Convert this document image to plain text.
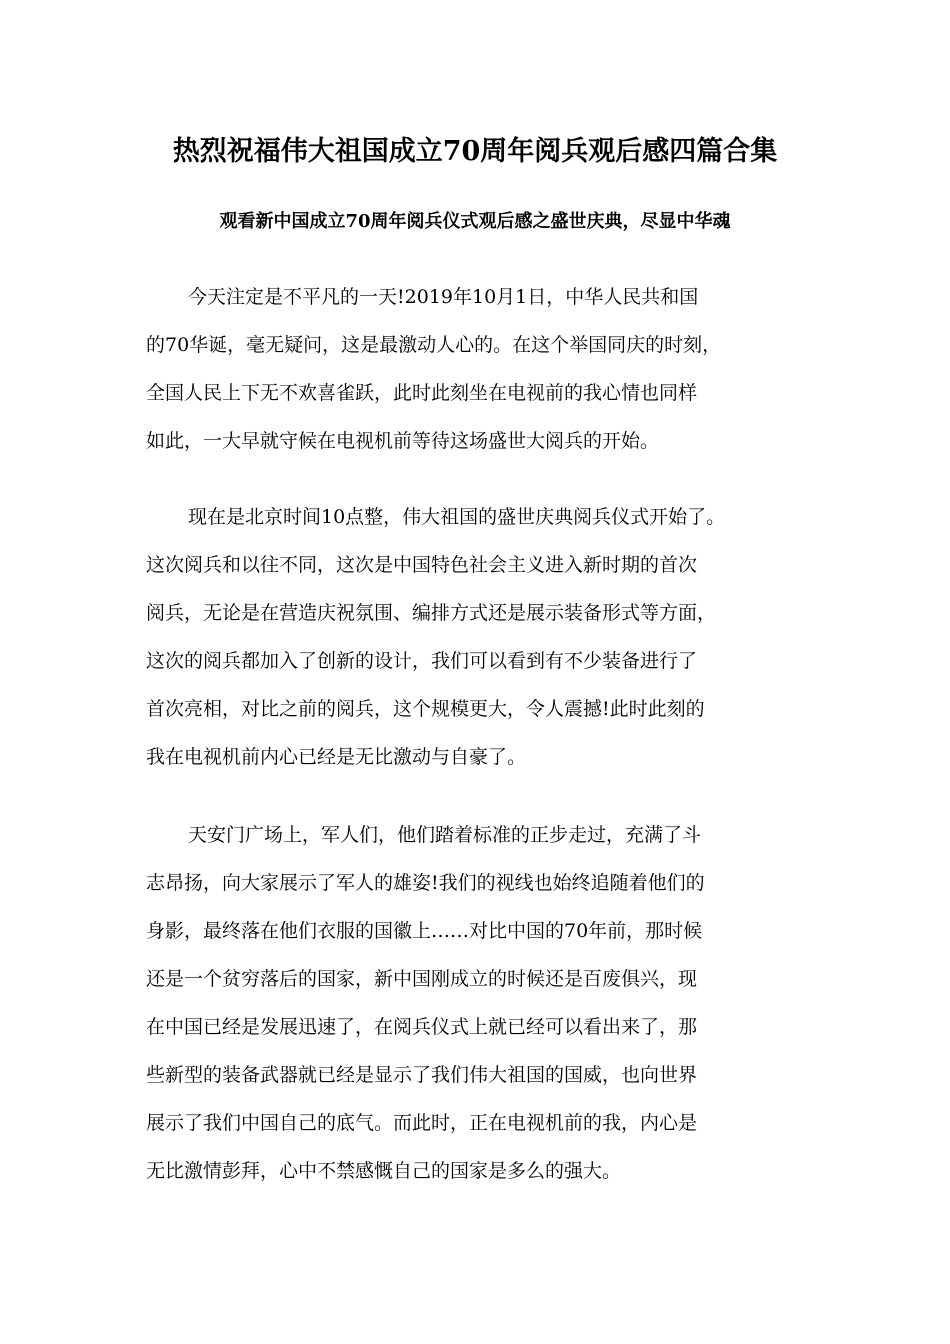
热烈祝福伟大祖国成立70周年阅兵观后感四篇合集
观看新中国成立70周年阅兵仪式观后感之盛世庆典，尽显中华魂
今天注定是不平凡的一天!2019年10月1日，中华人民共和国
的70华诞，毫无疑问，这是最激动人心的。在这个举国同庆的时刻，
全国人民上下无不欢喜雀跃，此时此刻坐在电视前的我心情也同样
如此，一大早就守候在电视机前等待这场盛世大阅兵的开始。
现在是北京时间10点整，伟大祖国的盛世庆典阅兵仪式开始了。
这次阅兵和以往不同，这次是中国特色社会主义进入新时期的首次
阅兵，无论是在营造庆祝氛围、编排方式还是展示装备形式等方面，
这次的阅兵都加入了创新的设计，我们可以看到有不少装备进行了
首次亮相，对比之前的阅兵，这个规模更大，令人震撼!此时此刻的
我在电视机前内心已经是无比激动与自豪了。
天安门广场上，军人们，他们踏着标准的正步走过，充满了斗
志昂扬，向大家展示了军人的雄姿!我们的视线也始终追随着他们的
身影，最终落在他们衣服的国徽上……对比中国的70年前，那时候
还是一个贫穷落后的国家，新中国刚成立的时候还是百废俱兴，现
在中国已经是发展迅速了，在阅兵仪式上就已经可以看出来了，那
些新型的装备武器就已经是显示了我们伟大祖国的国威，也向世界
展示了我们中国自己的底气。而此时，正在电视机前的我，内心是
无比激情彭拜，心中不禁感慨自己的国家是多么的强大。
